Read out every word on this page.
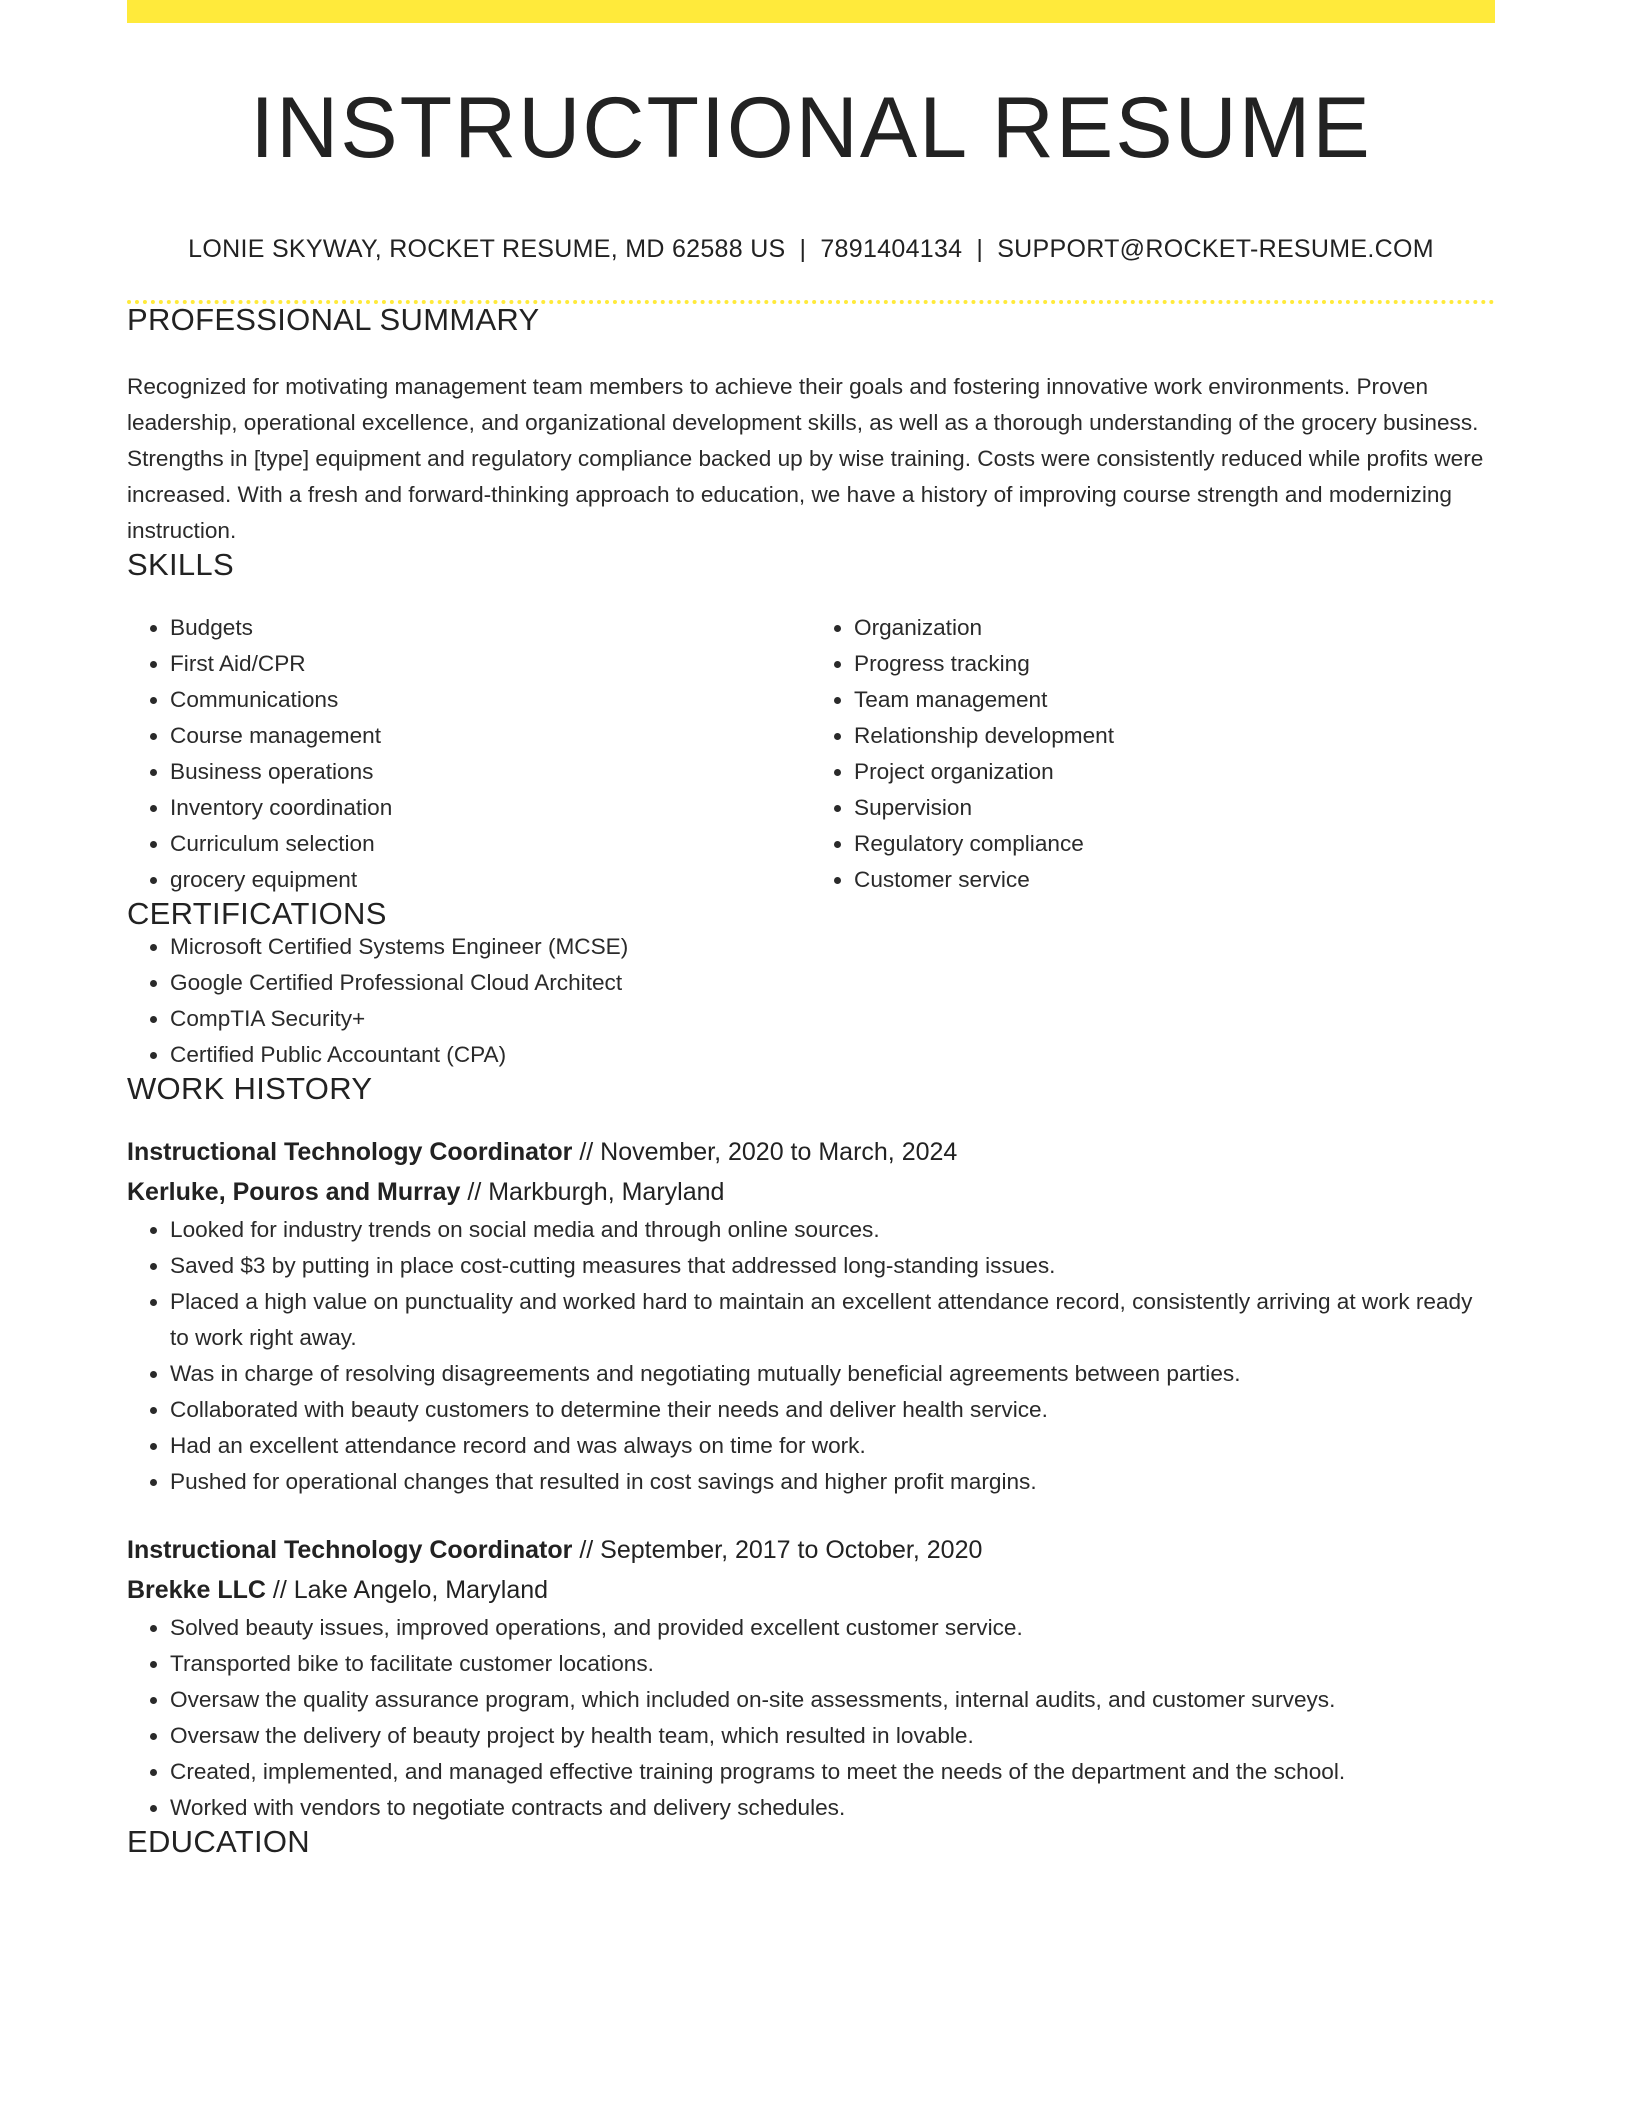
INSTRUCTIONAL RESUME
LONIE SKYWAY, ROCKET RESUME, MD 62588 US | 7891404134 | SUPPORT@ROCKET-RESUME.COM
PROFESSIONAL SUMMARY

Recognized for motivating management team members to achieve their goals and fostering innovative work environments. Proven leadership, operational excellence, and organizational development skills, as well as a thorough understanding of the grocery business. Strengths in [type] equipment and regulatory compliance backed up by wise training. Costs were consistently reduced while profits were increased. With a fresh and forward-thinking approach to education, we have a history of improving course strength and modernizing instruction.

SKILLS
• Budgets
• First Aid/CPR
• Communications
• Course management
• Business operations
• Inventory coordination
• Curriculum selection
• grocery equipment
• Organization
• Progress tracking
• Team management
• Relationship development
• Project organization
• Supervision
• Regulatory compliance
• Customer service
CERTIFICATIONS
• Microsoft Certified Systems Engineer (MCSE)
• Google Certified Professional Cloud Architect
• CompTIA Security+
• Certified Public Accountant (CPA)
WORK HISTORY
Instructional Technology Coordinator // November, 2020 to March, 2024
Kerluke, Pouros and Murray // Markburgh, Maryland
• Looked for industry trends on social media and through online sources.
• Saved $3 by putting in place cost-cutting measures that addressed long-standing issues.
• Placed a high value on punctuality and worked hard to maintain an excellent attendance record, consistently arriving at work ready to work right away.
• Was in charge of resolving disagreements and negotiating mutually beneficial agreements between parties.
• Collaborated with beauty customers to determine their needs and deliver health service.
• Had an excellent attendance record and was always on time for work.
• Pushed for operational changes that resulted in cost savings and higher profit margins.
Instructional Technology Coordinator // September, 2017 to October, 2020
Brekke LLC // Lake Angelo, Maryland
• Solved beauty issues, improved operations, and provided excellent customer service.
• Transported bike to facilitate customer locations.
• Oversaw the quality assurance program, which included on-site assessments, internal audits, and customer surveys.
• Oversaw the delivery of beauty project by health team, which resulted in lovable.
• Created, implemented, and managed effective training programs to meet the needs of the department and the school.
• Worked with vendors to negotiate contracts and delivery schedules.
EDUCATION
